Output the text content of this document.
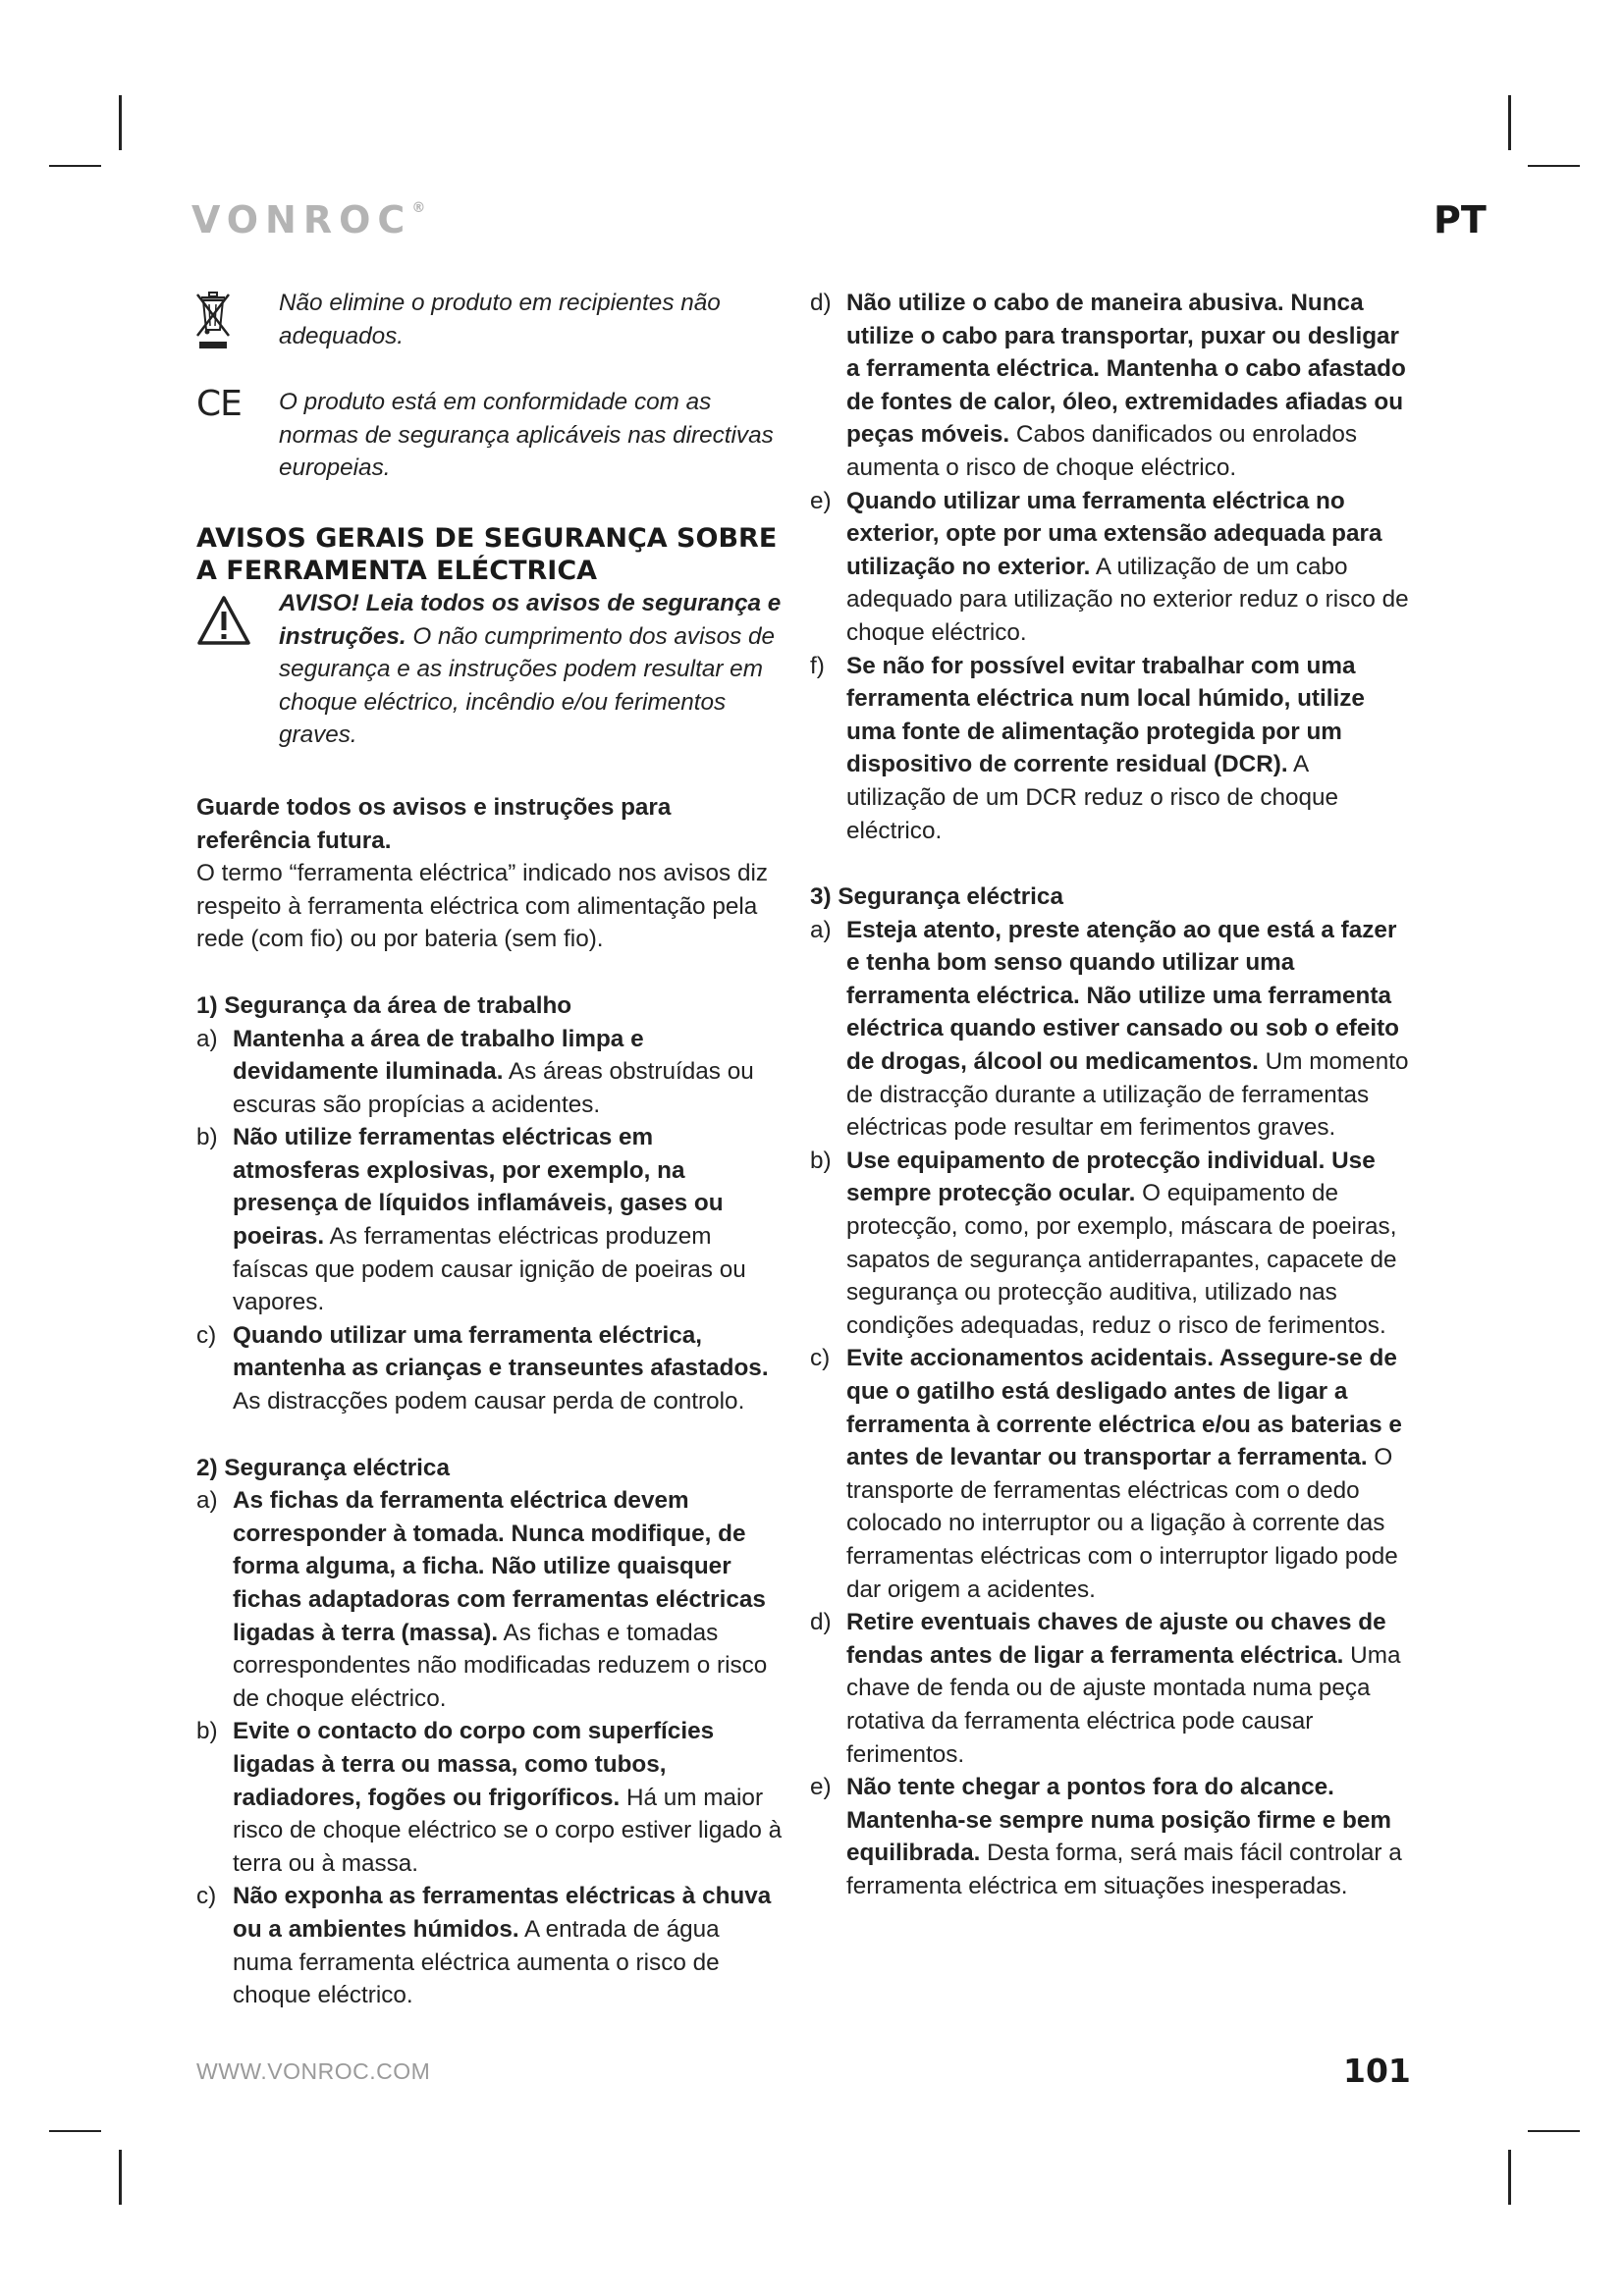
VONROC®	PT

Não elimine o produto em recipientes não adequados.

CE O produto está em conformidade com as normas de segurança aplicáveis nas directivas europeias.

AVISOS GERAIS DE SEGURANÇA SOBRE A FERRAMENTA ELÉCTRICA

AVISO! Leia todos os avisos de segurança e instruções. O não cumprimento dos avisos de segurança e as instruções podem resultar em choque eléctrico, incêndio e/ou ferimentos graves.

Guarde todos os avisos e instruções para referência futura.

O termo “ferramenta eléctrica” indicado nos avisos diz respeito à ferramenta eléctrica com alimentação pela rede (com fio) ou por bateria (sem fio).

1) Segurança da área de trabalho

a) Mantenha a área de trabalho limpa e devidamente iluminada. As áreas obstruídas ou escuras são propícias a acidentes.
b) Não utilize ferramentas eléctricas em atmosferas explosivas, por exemplo, na presença de líquidos inflamáveis, gases ou poeiras. As ferramentas eléctricas produzem faíscas que podem causar ignição de poeiras ou vapores.
c) Quando utilizar uma ferramenta eléctrica, mantenha as crianças e transeuntes afastados. As distracções podem causar perda de controlo.

2) Segurança eléctrica

a) As fichas da ferramenta eléctrica devem corresponder à tomada. Nunca modifique, de forma alguma, a ficha. Não utilize quaisquer fichas adaptadoras com ferramentas eléctricas ligadas à terra (massa). As fichas e tomadas correspondentes não modificadas reduzem o risco de choque eléctrico.
b) Evite o contacto do corpo com superfícies ligadas à terra ou massa, como tubos, radiadores, fogões ou frigoríficos. Há um maior risco de choque eléctrico se o corpo estiver ligado à terra ou à massa.
c) Não exponha as ferramentas eléctricas à chuva ou a ambientes húmidos. A entrada de água numa ferramenta eléctrica aumenta o risco de choque eléctrico.
d) Não utilize o cabo de maneira abusiva. Nunca utilize o cabo para transportar, puxar ou desligar a ferramenta eléctrica. Mantenha o cabo afastado de fontes de calor, óleo, extremidades afiadas ou peças móveis. Cabos danificados ou enrolados aumenta o risco de choque eléctrico.
e) Quando utilizar uma ferramenta eléctrica no exterior, opte por uma extensão adequada para utilização no exterior. A utilização de um cabo adequado para utilização no exterior reduz o risco de choque eléctrico.
f) Se não for possível evitar trabalhar com uma ferramenta eléctrica num local húmido, utilize uma fonte de alimentação protegida por um dispositivo de corrente residual (DCR). A utilização de um DCR reduz o risco de choque eléctrico.

3) Segurança eléctrica

a) Esteja atento, preste atenção ao que está a fazer e tenha bom senso quando utilizar uma ferramenta eléctrica. Não utilize uma ferramenta eléctrica quando estiver cansado ou sob o efeito de drogas, álcool ou medicamentos. Um momento de distracção durante a utilização de ferramentas eléctricas pode resultar em ferimentos graves.
b) Use equipamento de protecção individual. Use sempre protecção ocular. O equipamento de protecção, como, por exemplo, máscara de poeiras, sapatos de segurança antiderrapantes, capacete de segurança ou protecção auditiva, utilizado nas condições adequadas, reduz o risco de ferimentos.
c) Evite accionamentos acidentais. Assegure-se de que o gatilho está desligado antes de ligar a ferramenta à corrente eléctrica e/ou as baterias e antes de levantar ou transportar a ferramenta. O transporte de ferramentas eléctricas com o dedo colocado no interruptor ou a ligação à corrente das ferramentas eléctricas com o interruptor ligado pode dar origem a acidentes.
d) Retire eventuais chaves de ajuste ou chaves de fendas antes de ligar a ferramenta eléctrica. Uma chave de fenda ou de ajuste montada numa peça rotativa da ferramenta eléctrica pode causar ferimentos.
e) Não tente chegar a pontos fora do alcance. Mantenha-se sempre numa posição firme e bem equilibrada. Desta forma, será mais fácil controlar a ferramenta eléctrica em situações inesperadas.
WWW.VONROC.COM	101
